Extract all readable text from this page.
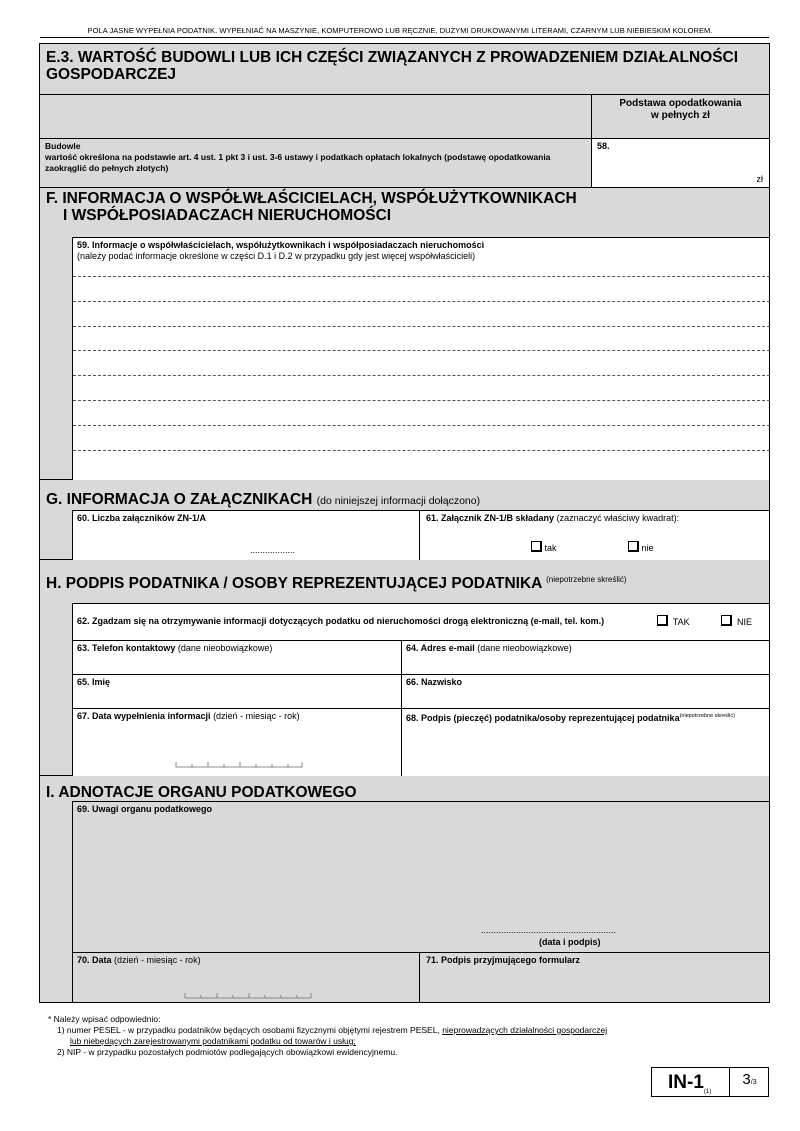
POLA JASNE WYPEŁNIA PODATNIK. WYPEŁNIAĆ NA MASZYNIE, KOMPUTEROWO LUB RĘCZNIE, DUŻYMI DRUKOWANYMI LITERAMI, CZARNYM LUB NIEBIESKIM KOLOREM.
E.3. WARTOŚĆ BUDOWLI LUB ICH CZĘŚCI ZWIĄZANYCH Z PROWADZENIEM DZIAŁALNOŚCI GOSPODARCZEJ
Podstawa opodatkowania
w pełnych zł
Budowle
wartość określona na podstawie art. 4 ust. 1 pkt 3 i ust. 3-6 ustawy i podatkach opłatach lokalnych (podstawę opodatkowania zaokrąglić do pełnych złotych)
58.
zł
F. INFORMACJA O WSPÓŁWŁAŚCICIELACH, WSPÓŁUŻYTKOWNIKACH
I WSPÓŁPOSIADACZACH NIERUCHOMOŚCI
59. Informacje o współwłaścicielach, współużytkownikach i współposiadaczach nieruchomości
(należy podać informacje określone w części D.1 i D.2 w przypadku gdy jest więcej współwłaścicieli)
G. INFORMACJA O ZAŁĄCZNIKACH (do niniejszej informacji dołączono)
60. Liczba załączników ZN-1/A
..................
61. Załącznik ZN-1/B składany (zaznaczyć właściwy kwadrat):
tak	nie
H. PODPIS PODATNIKA / OSOBY REPREZENTUJĄCEJ PODATNIKA $^{(niepotrzebne skreślić)}$
62. Zgadzam się na otrzymywanie informacji dotyczących podatku od nieruchomości drogą elektroniczną (e-mail, tel. kom.)	TAK	NIE
63. Telefon kontaktowy (dane nieobowiązkowe)	64. Adres e-mail (dane nieobowiązkowe)
65. Imię	66. Nazwisko
67. Data wypełnienia informacji (dzień - miesiąc - rok)	68. Podpis (pieczęć) podatnika/osoby reprezentującej podatnika$^{(niepotrzebne skreślić)}$
I. ADNOTACJE ORGANU PODATKOWEGO
69. Uwagi organu podatkowego
......................................................
(data i podpis)
70. Data (dzień - miesiąc - rok)	71. Podpis przyjmującego formularz
* Należy wpisać odpowiednio:
1) numer PESEL - w przypadku podatników będących osobami fizycznymi objętymi rejestrem PESEL, nieprowadzących działalności gospodarczej
lub niebędących zarejestrowanymi podatnikami podatku od towarów i usług;
2) NIP - w przypadku pozostałych podmiotów podlegających obowiązkowi ewidencyjnemu.
$IN-1_{(1)}$
3/3
